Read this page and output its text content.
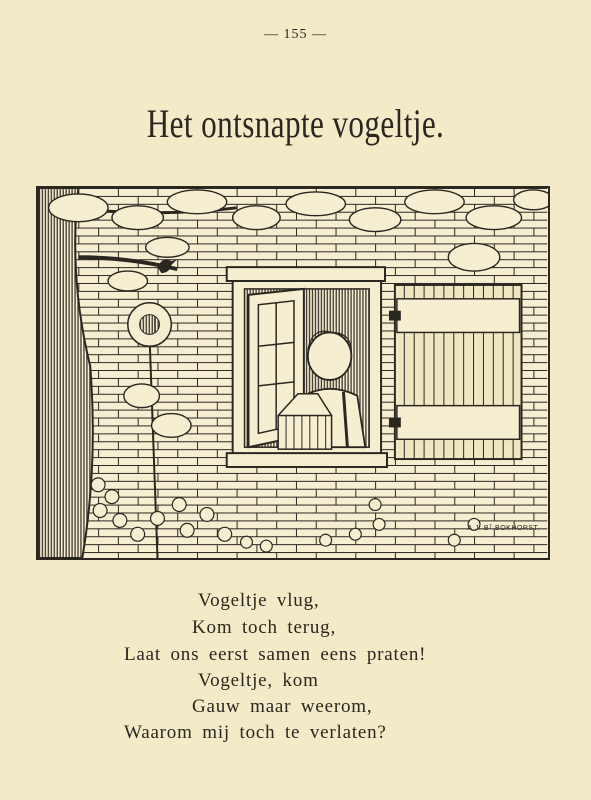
— 155 —
Het ontsnapte vogeltje.
A.J. Bᵀ BOKHORST.
Vogeltje vlug,
Kom toch terug,
Laat ons eerst samen eens praten!
Vogeltje, kom
Gauw maar weerom,
Waarom mij toch te verlaten?
